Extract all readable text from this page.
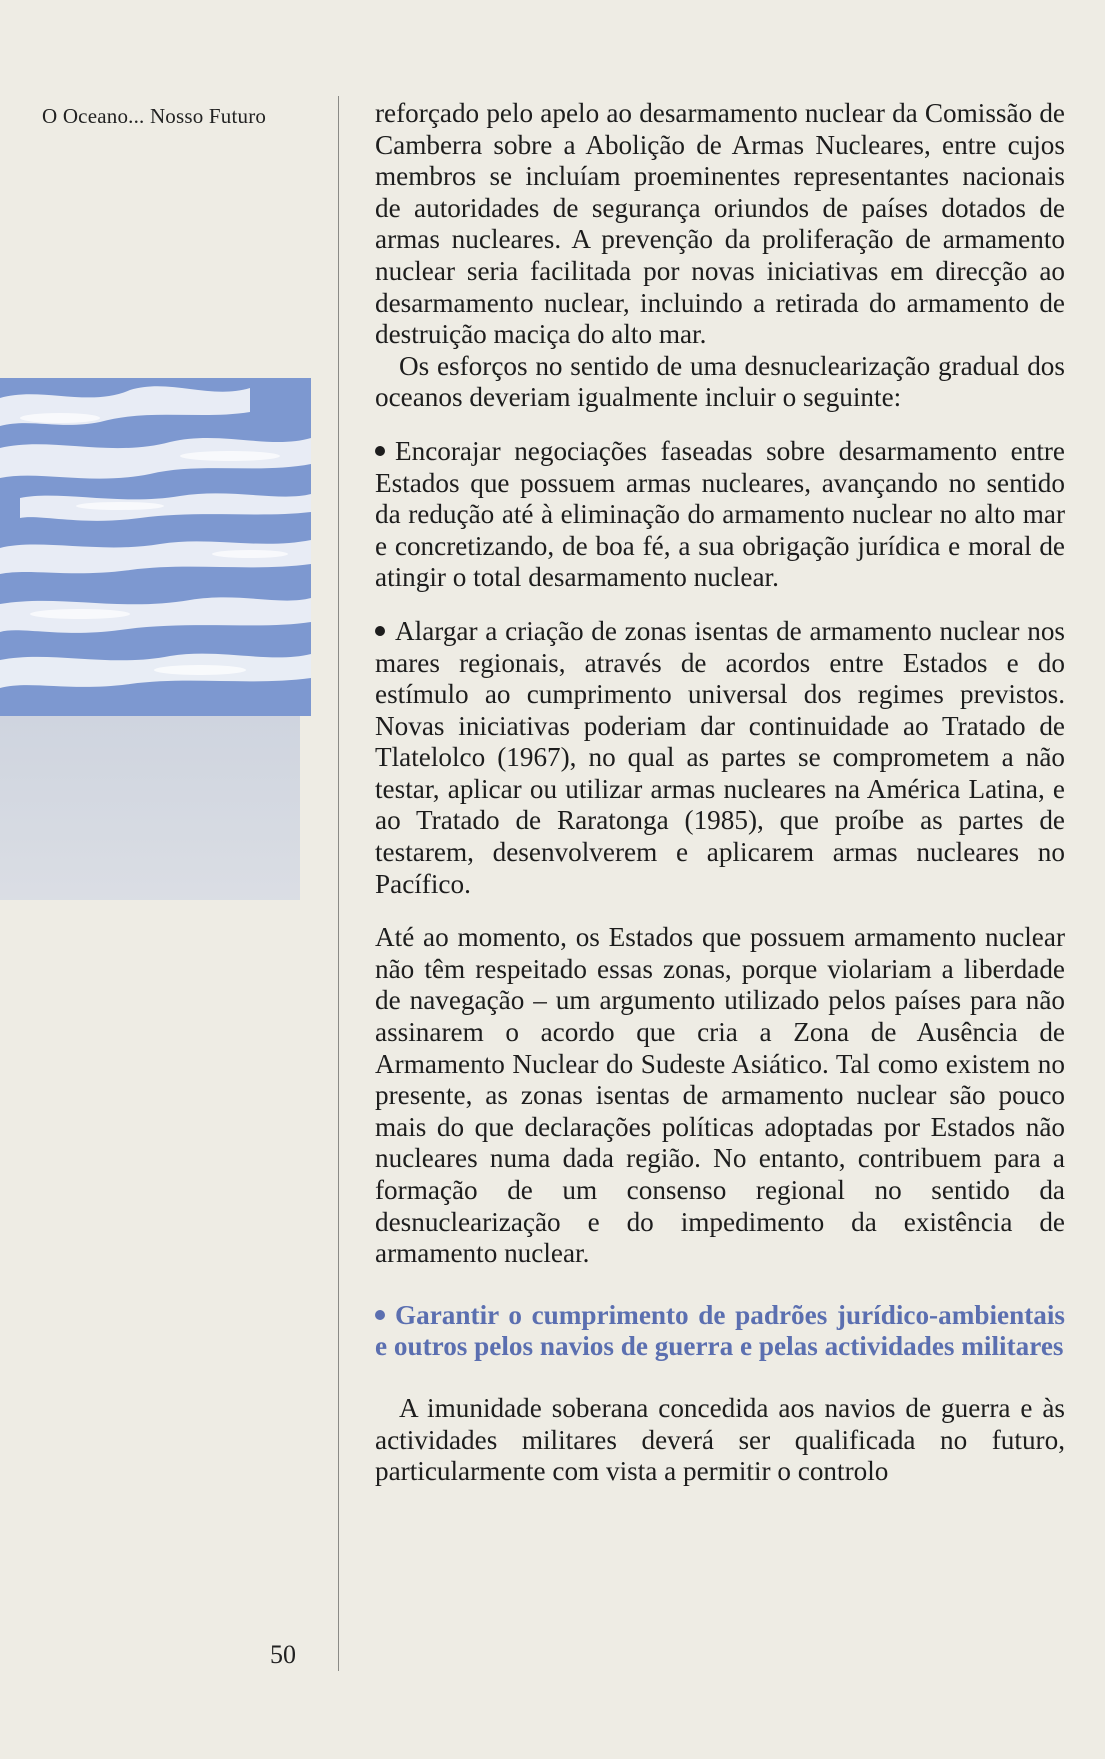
O Oceano... Nosso Futuro	reforçado pelo apelo ao desarmamento nuclear da Comissão de Camberra sobre a Abolição de Armas Nucleares, entre cujos membros se incluíam proeminentes representantes nacionais de autoridades de segurança oriundos de países dotados de armas nucleares. A prevenção da proliferação de armamento nuclear seria facilitada por novas iniciativas em direcção ao desarmamento nuclear, incluindo a retirada do armamento de destruição maciça do alto mar.

Os esforços no sentido de uma desnuclearização gradual dos oceanos deveriam igualmente incluir o seguinte:

Encorajar negociações faseadas sobre desarmamento entre Estados que possuem armas nucleares, avançando no sentido da redução até à eliminação do armamento nuclear no alto mar e concretizando, de boa fé, a sua obrigação jurídica e moral de atingir o total desarmamento nuclear.

Alargar a criação de zonas isentas de armamento nuclear nos mares regionais, através de acordos entre Estados e do estímulo ao cumprimento universal dos regimes previstos. Novas iniciativas poderiam dar continuidade ao Tratado de Tlatelolco (1967), no qual as partes se comprometem a não testar, aplicar ou utilizar armas nucleares na América Latina, e ao Tratado de Raratonga (1985), que proíbe as partes de testarem, desenvolverem e aplicarem armas nucleares no Pacífico.

Até ao momento, os Estados que possuem armamento nuclear não têm respeitado essas zonas, porque violariam a liberdade de navegação – um argumento utilizado pelos países para não assinarem o acordo que cria a Zona de Ausência de Armamento Nuclear do Sudeste Asiático. Tal como existem no presente, as zonas isentas de armamento nuclear são pouco mais do que declarações políticas adoptadas por Estados não nucleares numa dada região. No entanto, contribuem para a formação de um consenso regional no sentido da desnuclearização e do impedimento da existência de armamento nuclear.

Garantir o cumprimento de padrões jurídico-ambientais e outros pelos navios de guerra e pelas actividades militares

A imunidade soberana concedida aos navios de guerra e às actividades militares deverá ser qualificada no futuro, particularmente com vista a permitir o controlo

50
